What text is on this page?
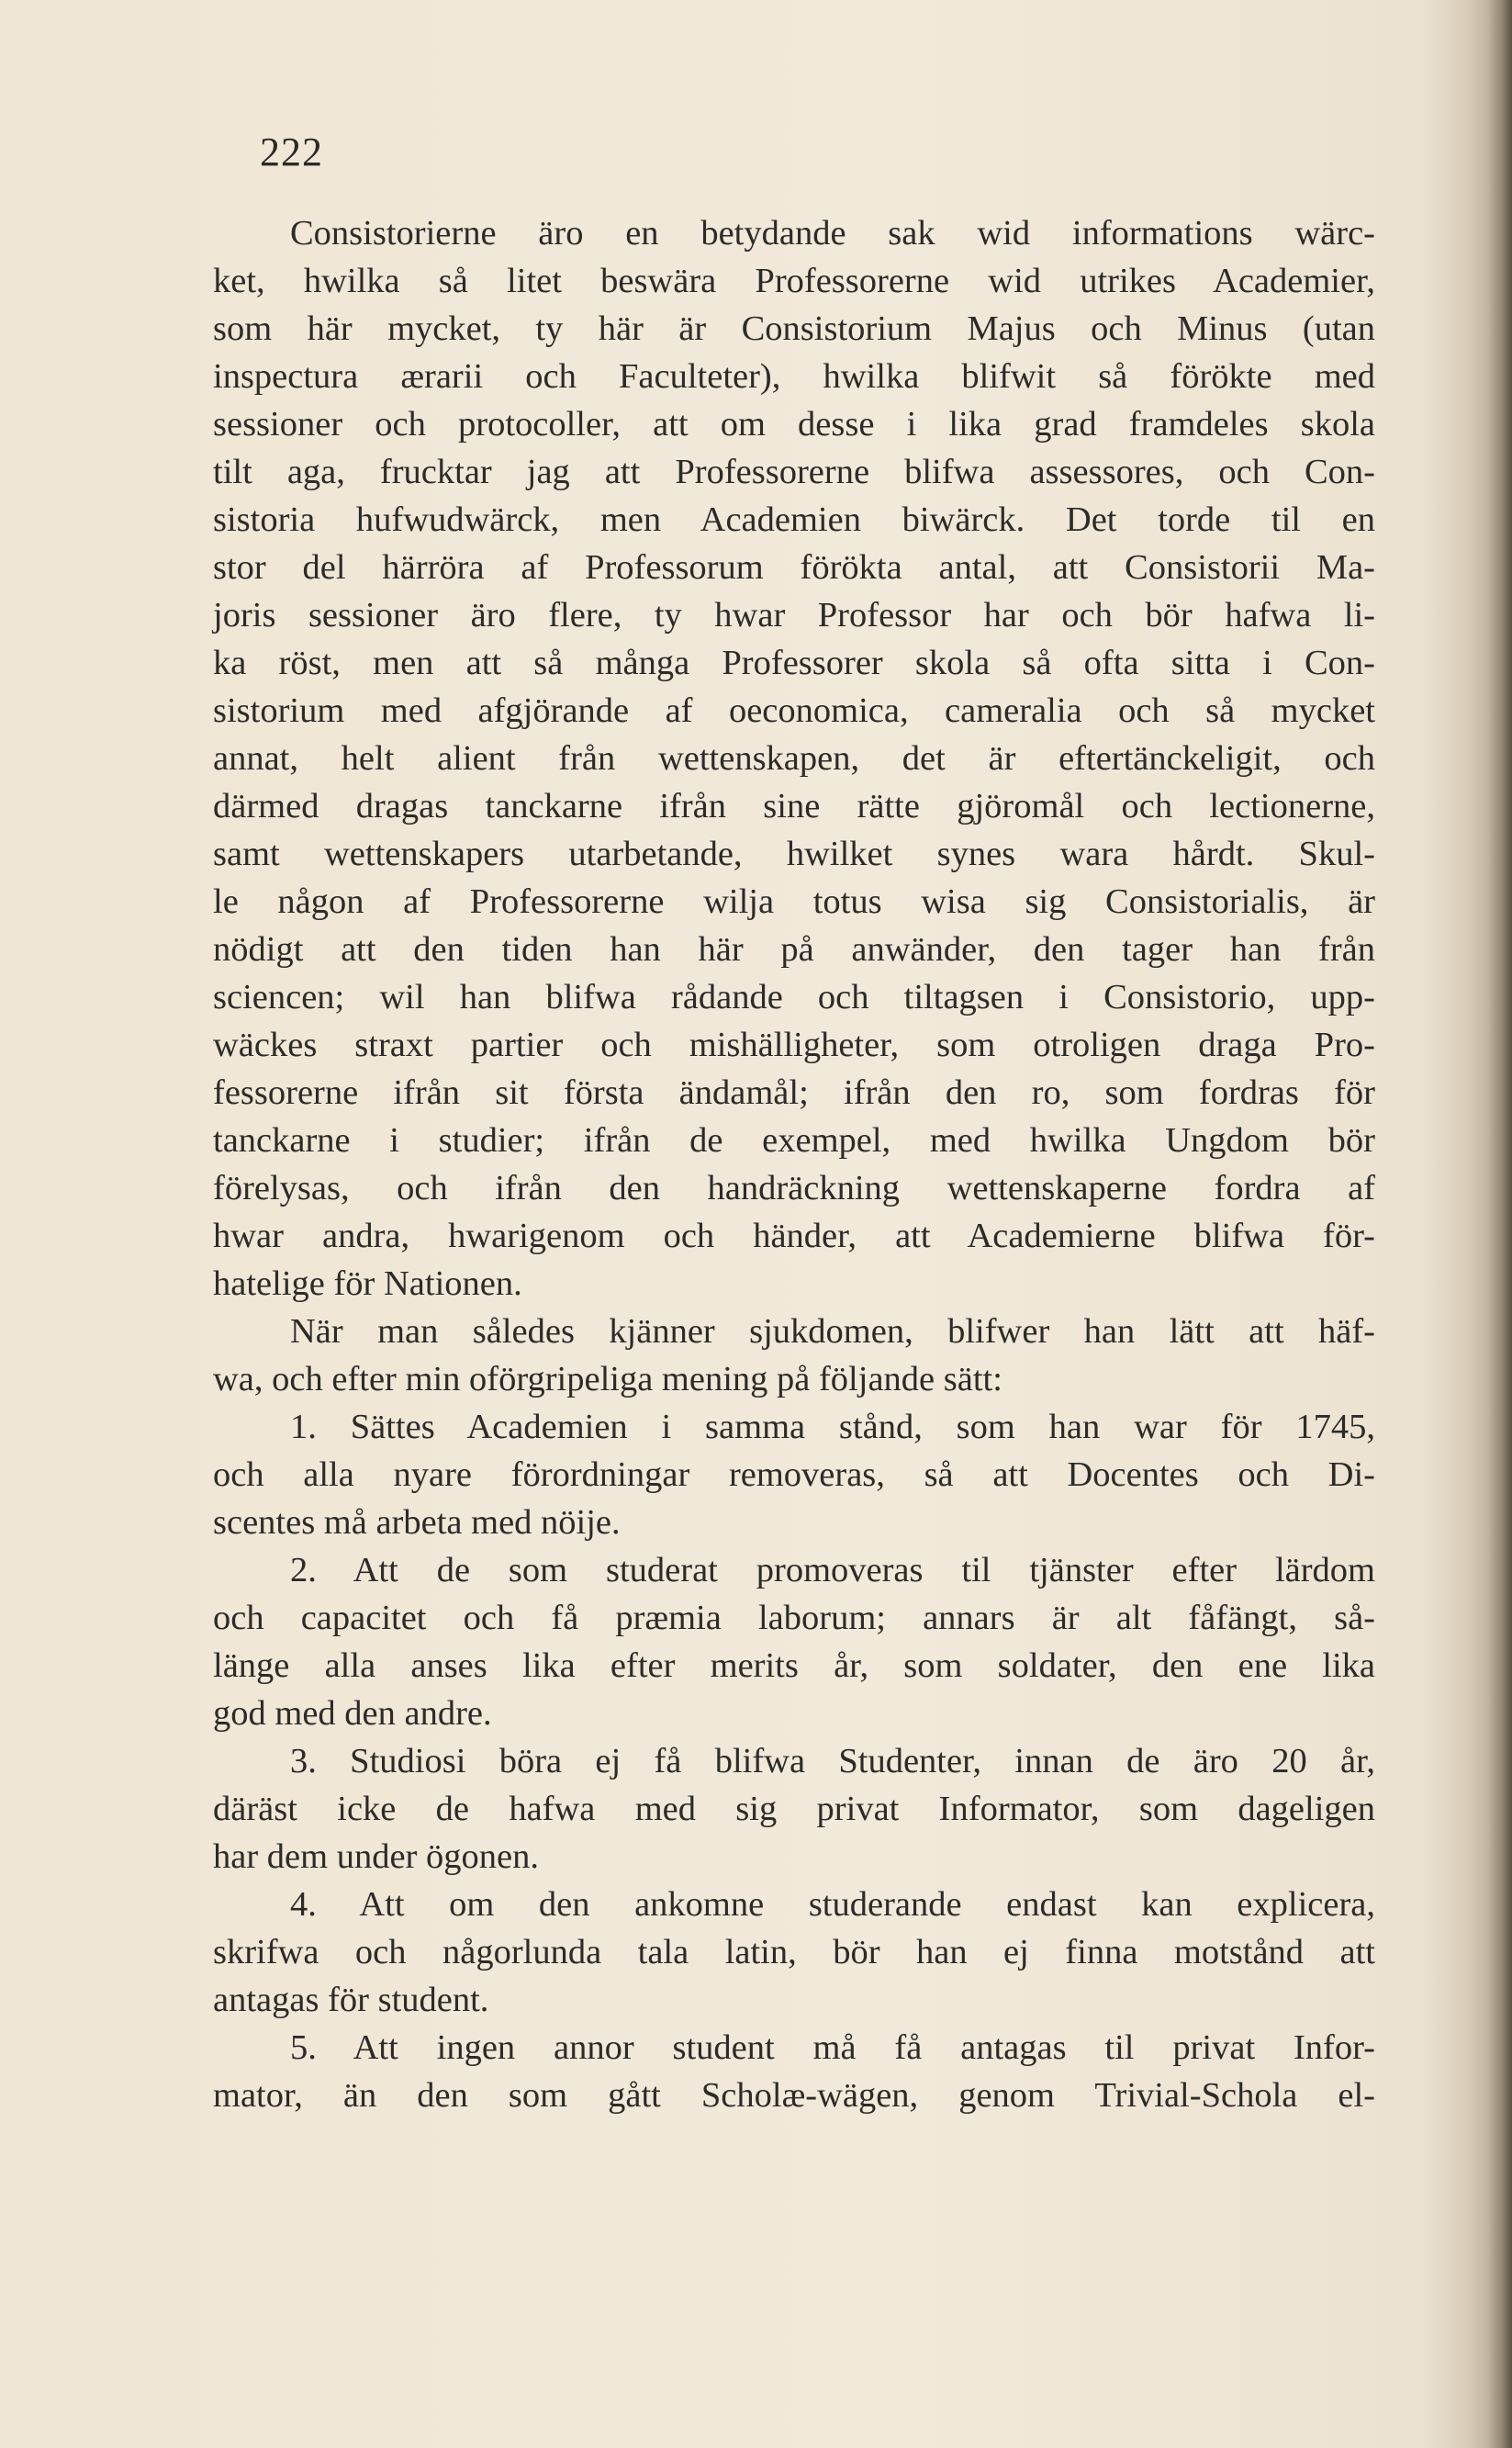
222
Consistorierne äro en betydande sak wid informations wärc-
ket, hwilka så litet beswära Professorerne wid utrikes Academier,
som här mycket, ty här är Consistorium Majus och Minus (utan
inspectura ærarii och Faculteter), hwilka blifwit så förökte med
sessioner och protocoller, att om desse i lika grad framdeles skola
tilt aga, frucktar jag att Professorerne blifwa assessores, och Con-
sistoria hufwudwärck, men Academien biwärck. Det torde til en
stor del härröra af Professorum förökta antal, att Consistorii Ma-
joris sessioner äro flere, ty hwar Professor har och bör hafwa li-
ka röst, men att så många Professorer skola så ofta sitta i Con-
sistorium med afgjörande af oeconomica, cameralia och så mycket
annat, helt alient från wettenskapen, det är eftertänckeligit, och
därmed dragas tanckarne ifrån sine rätte gjöromål och lectionerne,
samt wettenskapers utarbetande, hwilket synes wara hårdt. Skul-
le någon af Professorerne wilja totus wisa sig Consistorialis, är
nödigt att den tiden han här på anwänder, den tager han från
sciencen; wil han blifwa rådande och tiltagsen i Consistorio, upp-
wäckes straxt partier och mishälligheter, som otroligen draga Pro-
fessorerne ifrån sit första ändamål; ifrån den ro, som fordras för
tanckarne i studier; ifrån de exempel, med hwilka Ungdom bör
förelysas, och ifrån den handräckning wettenskaperne fordra af
hwar andra, hwarigenom och händer, att Academierne blifwa för-
hatelige för Nationen.
När man således kjänner sjukdomen, blifwer han lätt att häf-
wa, och efter min oförgripeliga mening på följande sätt:
1. Sättes Academien i samma stånd, som han war för 1745,
och alla nyare förordningar removeras, så att Docentes och Di-
scentes må arbeta med nöije.
2. Att de som studerat promoveras til tjänster efter lärdom
och capacitet och få præmia laborum; annars är alt fåfängt, så-
länge alla anses lika efter merits år, som soldater, den ene lika
god med den andre.
3. Studiosi böra ej få blifwa Studenter, innan de äro 20 år,
däräst icke de hafwa med sig privat Informator, som dageligen
har dem under ögonen.
4. Att om den ankomne studerande endast kan explicera,
skrifwa och någorlunda tala latin, bör han ej finna motstånd att
antagas för student.
5. Att ingen annor student må få antagas til privat Infor-
mator, än den som gått Scholæ-wägen, genom Trivial-Schola el-
